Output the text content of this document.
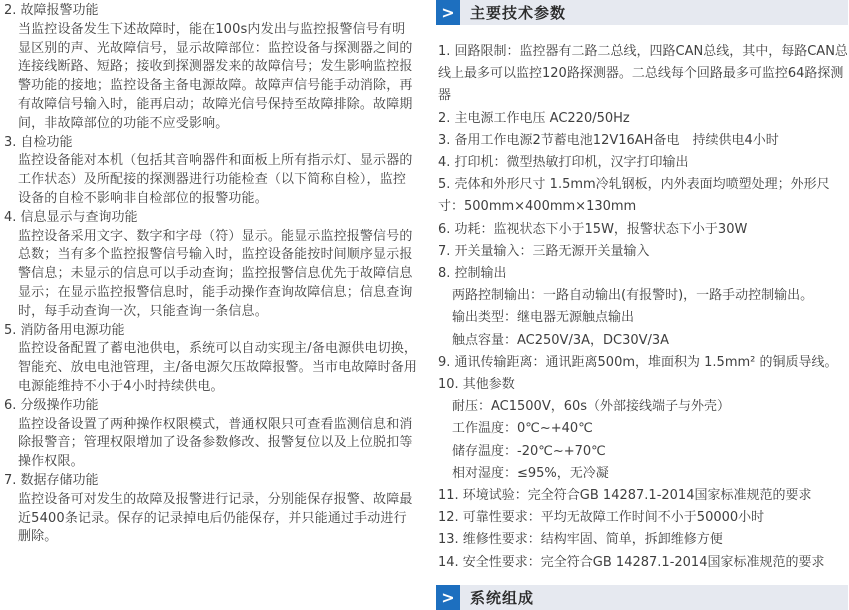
2. 故障报警功能

当监控设备发生下述故障时，能在100s内发出与监控报警信号有明显区别的声、光故障信号，显示故障部位：监控设备与探测器之间的连接线断路、短路；接收到探测器发来的故障信号；发生影响监控报警功能的接地；监控设备主备电源故障。故障声信号能手动消除，再有故障信号输入时，能再启动；故障光信号保持至故障排除。故障期间，非故障部位的功能不应受影响。

3. 自检功能

监控设备能对本机（包括其音响器件和面板上所有指示灯、显示器的工作状态）及所配接的探测器进行功能检查（以下简称自检），监控设备的自检不影响非自检部位的报警功能。

4. 信息显示与查询功能

监控设备采用文字、数字和字母（符）显示。能显示监控报警信号的总数；当有多个监控报警信号输入时，监控设备能按时间顺序显示报警信息；未显示的信息可以手动查询；监控报警信息优先于故障信息显示；在显示监控报警信息时，能手动操作查询故障信息；信息查询时，每手动查询一次，只能查询一条信息。

5. 消防备用电源功能

监控设备配置了蓄电池供电，系统可以自动实现主/备电源供电切换，智能充、放电电池管理，主/备电源欠压故障报警。当市电故障时备用电源能维持不小于4小时持续供电。

6. 分级操作功能

监控设备设置了两种操作权限模式，普通权限只可查看监测信息和消除报警音；管理权限增加了设备参数修改、报警复位以及上位脱扣等操作权限。

7. 数据存储功能

监控设备可对发生的故障及报警进行记录，分别能保存报警、故障最近5400条记录。保存的记录掉电后仍能保存，并只能通过手动进行删除。

>	主要技术参数

1. 回路限制：监控器有二路二总线，四路CAN总线，其中，每路CAN总线上最多可以监控120路探测器。二总线每个回路最多可监控64路探测器

2. 主电源工作电压 AC220/50Hz

3. 备用工作电源2节蓄电池12V16AH备电　持续供电4小时

4. 打印机：微型热敏打印机，汉字打印输出

5. 壳体和外形尺寸 1.5mm冷轧钢板，内外表面均喷塑处理；外形尺寸：500mm×400mm×130mm

6. 功耗：监视状态下小于15W，报警状态下小于30W

7. 开关量输入：三路无源开关量输入

8. 控制输出

两路控制输出：一路自动输出(有报警时)，一路手动控制输出。

输出类型：继电器无源触点输出

触点容量：AC250V/3A，DC30V/3A

9. 通讯传输距离：通讯距离500m，堆面积为 1.5mm² 的铜质导线。

10. 其他参数

耐压：AC1500V，60s（外部接线端子与外壳）

工作温度：0℃~+40℃

储存温度：-20℃~+70℃

相对湿度：≤95%，无冷凝

11. 环境试验：完全符合GB 14287.1-2014国家标准规范的要求

12. 可靠性要求：平均无故障工作时间不小于50000小时

13. 维修性要求：结构牢固、简单，拆卸维修方便

14. 安全性要求：完全符合GB 14287.1-2014国家标准规范的要求

>	系统组成
